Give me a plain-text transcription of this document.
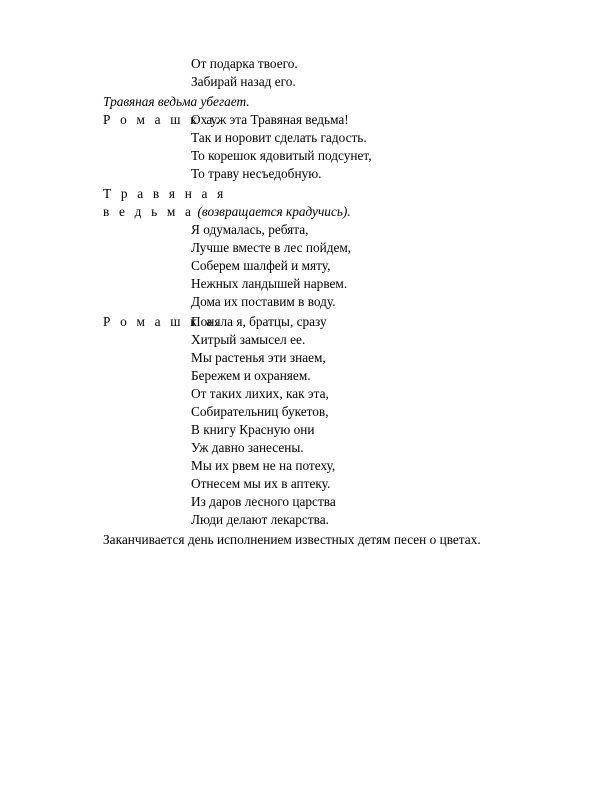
От подарка твоего.
Забирай назад его.
Травяная ведьма убегает.
Р о м а ш к а.
Ох уж эта Травяная ведьма!
Так и норовит сделать гадость.
То корешок ядовитый подсунет,
То траву несъедобную.
Т р а в я н а я
в е д ь м а (возвращается крадучись).
Я одумалась, ребята,
Лучше вместе в лес пойдем,
Соберем шалфей и мяту,
Нежных ландышей нарвем.
Дома их поставим в воду.
Р о м а ш к а.
Поняла я, братцы, сразу
Хитрый замысел ее.
Мы растенья эти знаем,
Бережем и охраняем.
От таких лихих, как эта,
Собирательниц букетов,
В книгу Красную они
Уж давно занесены.
Мы их рвем не на потеху,
Отнесем мы их в аптеку.
Из даров лесного царства
Люди делают лекарства.
Заканчивается день исполнением известных детям песен о цветах.
